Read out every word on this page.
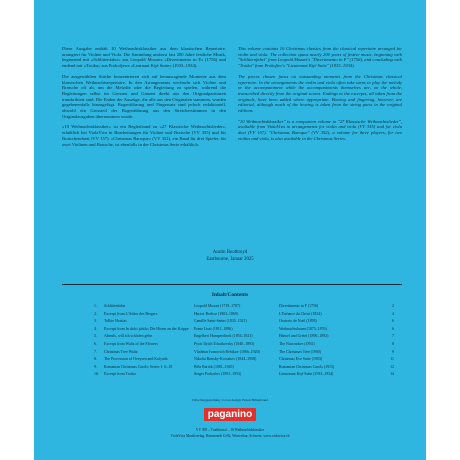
Diese Ausgabe enthält 10 Weihnachtsklassiker aus dem klassischen Repertoire, arrangiert für Violine und Viola. Die Sammlung umfasst fast 200 Jahre festliche Musik, beginnend mit »Schlittenfahrt« aus Leopold Mozarts »Divertimento in F« (1756) und endend mit »Troika« aus Prokofjews »Leutnant Kijé Suite« (1933–1934).

Die ausgewählten Stücke konzentrieren sich auf herausragende Momente aus dem klassischen Weihnachtsrepertoire. In den Arrangements wechseln sich Violine und Bratsche oft ab, um die Melodie oder die Begleitung zu spielen, während die Begleitungen selbst im Grossen und Ganzen direkt aus den Originalpartituren transkribiert sind. Die Enden der Auszüge, die alle aus den Originalen stammen, wurden gegebenenfalls hinzugefügt. Bogenführung und Fingersatz sind jedoch redaktionell, obwohl ein Grossteil der Bogenführung aus den Streicherstimmen in den Originalausgaben übernommen wurde.

»10 Weihnachtsklassiker« ist ein Begleitband zu »27 Klassische Weihnachtslieder«, erhältlich bei ViolaViva in Bearbeitungen für Violine und Bratsche (VV 355) und für Bratschenduett (VV 157). »Christmas Baroque« (VV 352), ein Band für drei Spieler, für zwei Violinen und Bratsche, ist ebenfalls in der Christmas Serie erhältlich.

This volume contains 10 Christmas classics from the classical repertoire arranged for violin and viola. The collection spans nearly 200 years of festive music, beginning with "Schlittenfahrt" from Leopold Mozart's "Divertimento in F" (1756), and concluding with "Troika" from Prokofiev's "Lieutenant Kijé Suite" (1933–1934).

The pieces chosen focus on outstanding moments from the Christmas classical repertoire. In the arrangements the violin and viola often take turns to play the melody or the accompaniment while the accompaniments themselves are, on the whole, transcribed directly from the original scores. Endings to the excerpts, all taken from the originals, have been added where appropriate. Bowing and fingering, however, are editorial, although much of the bowing is taken from the string parts in the original editions.

"10 Weihnachtsklassiker" is a companion volume to "27 Klassische Weihnachtslieder", available from ViolaViva in arrangements for violin and viola (VV 355) and for viola duet (VV 157). "Christmas Baroque" (VV 352), a volume for three players, for two violins and viola, is also available in the Christmas Series.

Austin Boothroyd
Eastbourne, Januar 2025
Inhalt/Contents
1.	Schlittenfahrt	Leopold Mozart (1719–1787)	Divertimento in F (1756)	2
2.	Excerpt from L'Adieu des Bergers	Hector Berlioz (1803–1869)	L'Enfance du Christ (1854)	4
3.	Tollite Hostias	Camille Saint-Saëns (1835–1921)	Oratorio de Noël (1858)	6
4.	Excerpt from In dulci jubilo; Die Hirten an der Krippe	Franz Liszt (1811–1886)	Weihnachtsbaum (1873–1876)	6
5.	Abends, will ich schlafen gehn	Engelbert Humperdinck (1854–1921)	Hänsel und Gretel (1890–1892)	7
6.	Excerpt from Waltz of the Flowers	Pyotr Ilyich Tchaikovsky (1840–1893)	The Nutcracker (1892)	8
7.	Christmas Tree Waltz	Vladimir Ivanovich Rebikov (1866–1920)	The Christmas Tree (1900)	9
8.	The Procession of Oveysen and Kolyada	Nikolai Rimsky-Korsakov (1844–1908)	Christmas Eve Suite (1903)	11
9.	Romanian Christmas Carols; Series 1: 6–10	Béla Bartók (1881–1945)	Romanian Christmas Carols (1915)	12
10.	Excerpt from Troika	Sergei Prokofiev (1891–1953)	Lieutenant Kijé Suite (1933–1934)	14
Umschlaggestaltung / Cover design: Ernest Hillenbrand
paganino
VV 309 – Traditional – 10 Weihnachtsklassiker
ViolaViva Musikverlag, Hammondt Gr92, Winterthur, Schweiz, www.violaviva.ch
